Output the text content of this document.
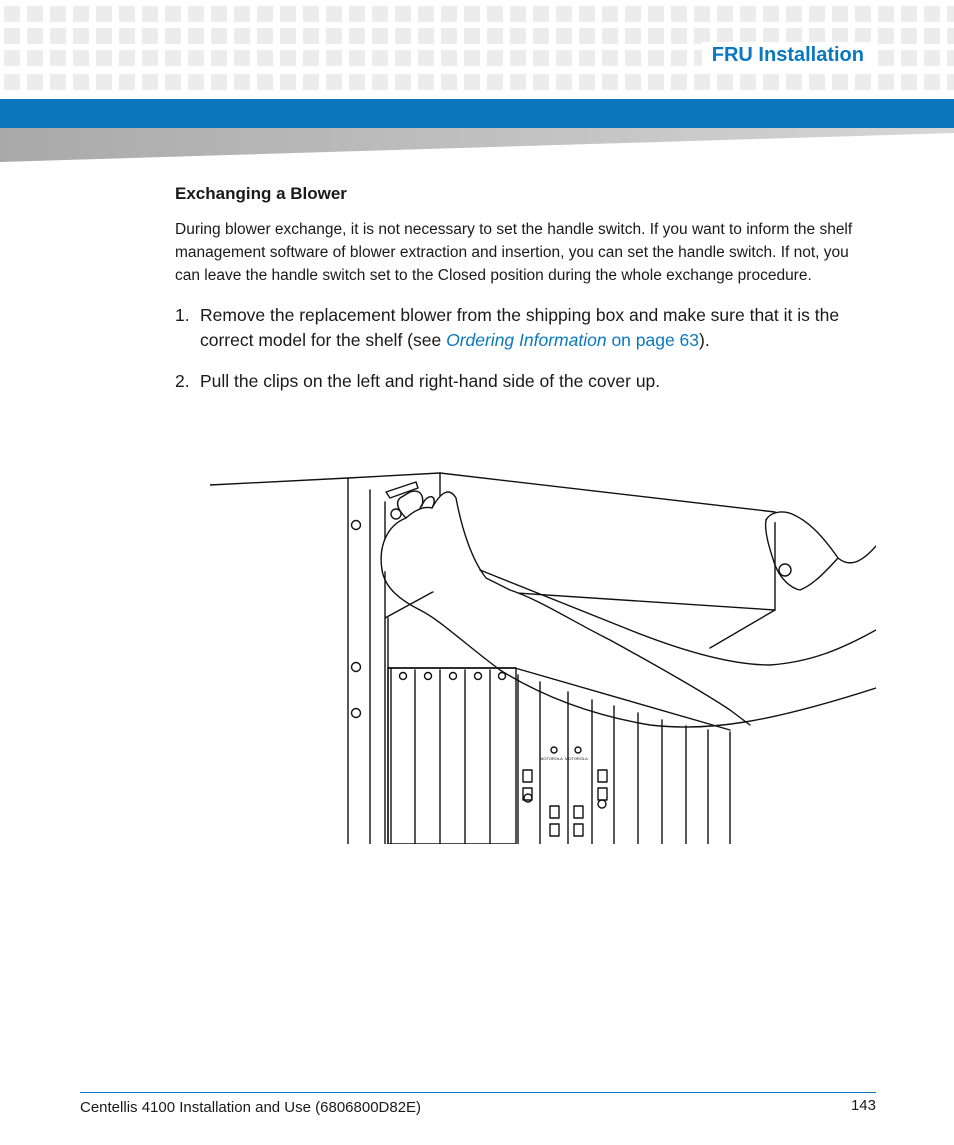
FRU Installation
Exchanging a Blower

During blower exchange, it is not necessary to set the handle switch. If you want to inform the shelf management software of blower extraction and insertion, you can set the handle switch. If not, you can leave the handle switch set to the Closed position during the whole exchange procedure.

1. Remove the replacement blower from the shipping box and make sure that it is the correct model for the shelf (see Ordering Information on page 63).
2. Pull the clips on the left and right-hand side of the cover up.
MOTOROLA MOTOROLA
Centellis 4100 Installation and Use (6806800D82E)	143
